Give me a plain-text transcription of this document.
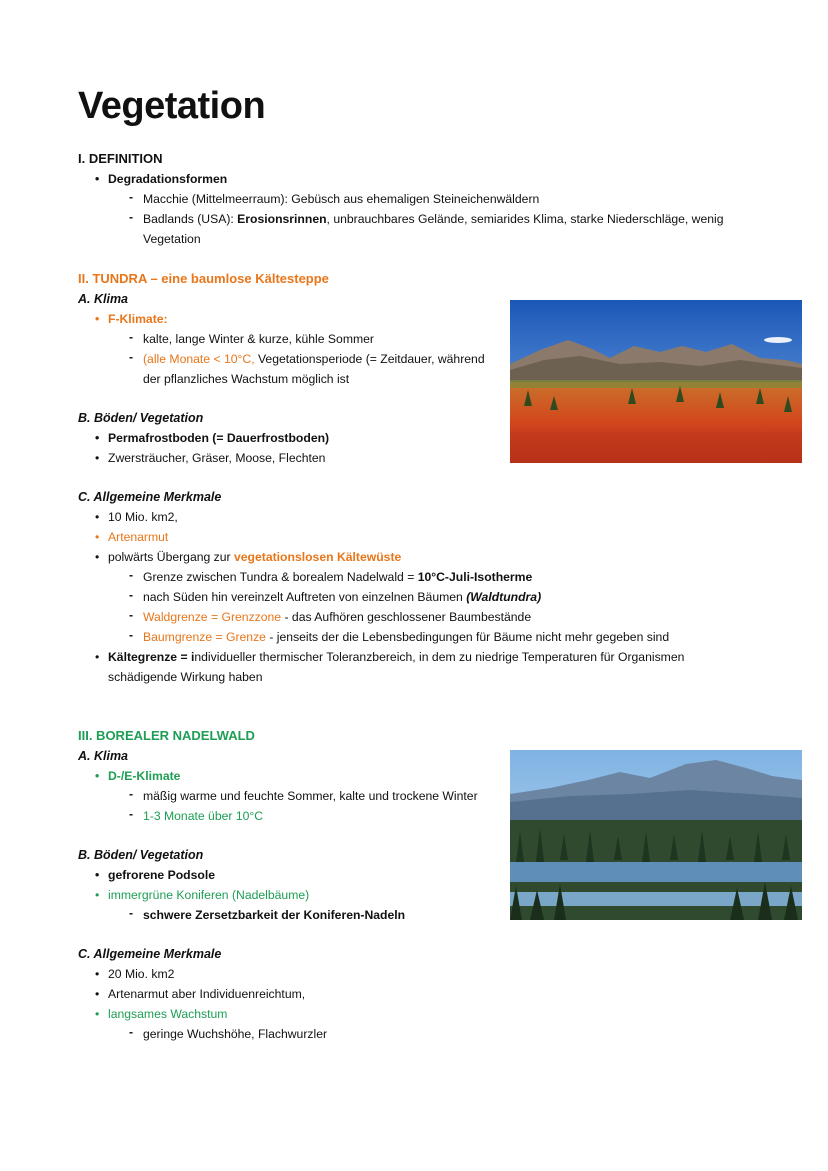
Vegetation
I. DEFINITION
• Degradationsformen
- Macchie (Mittelmeerraum): Gebüsch aus ehemaligen Steineichenwäldern
- Badlands (USA): Erosionsrinnen, unbrauchbares Gelände, semiarides Klima, starke Niederschläge, wenig
Vegetation
II. TUNDRA – eine baumlose Kältesteppe
A. Klima
• F-Klimate:
- kalte, lange Winter & kurze, kühle Sommer
- (alle Monate < 10°C, Vegetationsperiode (= Zeitdauer, während
der pflanzliches Wachstum möglich ist
B. Böden/ Vegetation
• Permafrostboden (= Dauerfrostboden)
• Zwersträucher, Gräser, Moose, Flechten
C. Allgemeine Merkmale
• 10 Mio. km2,
• Artenarmut
• polwärts Übergang zur vegetationslosen Kältewüste
- Grenze zwischen Tundra & borealem Nadelwald = 10°C-Juli-Isotherme
- nach Süden hin vereinzelt Auftreten von einzelnen Bäumen (Waldtundra)
- Waldgrenze = Grenzzone - das Aufhören geschlossener Baumbestände
- Baumgrenze = Grenze - jenseits der die Lebensbedingungen für Bäume nicht mehr gegeben sind
• Kältegrenze = individueller thermischer Toleranzbereich, in dem zu niedrige Temperaturen für Organismen
schädigende Wirkung haben
III. BOREALER NADELWALD
A. Klima
• D-/E-Klimate
- mäßig warme und feuchte Sommer, kalte und trockene Winter
- 1-3 Monate über 10°C
B. Böden/ Vegetation
• gefrorene Podsole
• immergrüne Koniferen (Nadelbäume)
- schwere Zersetzbarkeit der Koniferen-Nadeln
C. Allgemeine Merkmale
• 20 Mio. km2
• Artenarmut aber Individuenreichtum,
• langsames Wachstum
- geringe Wuchshöhe, Flachwurzler
